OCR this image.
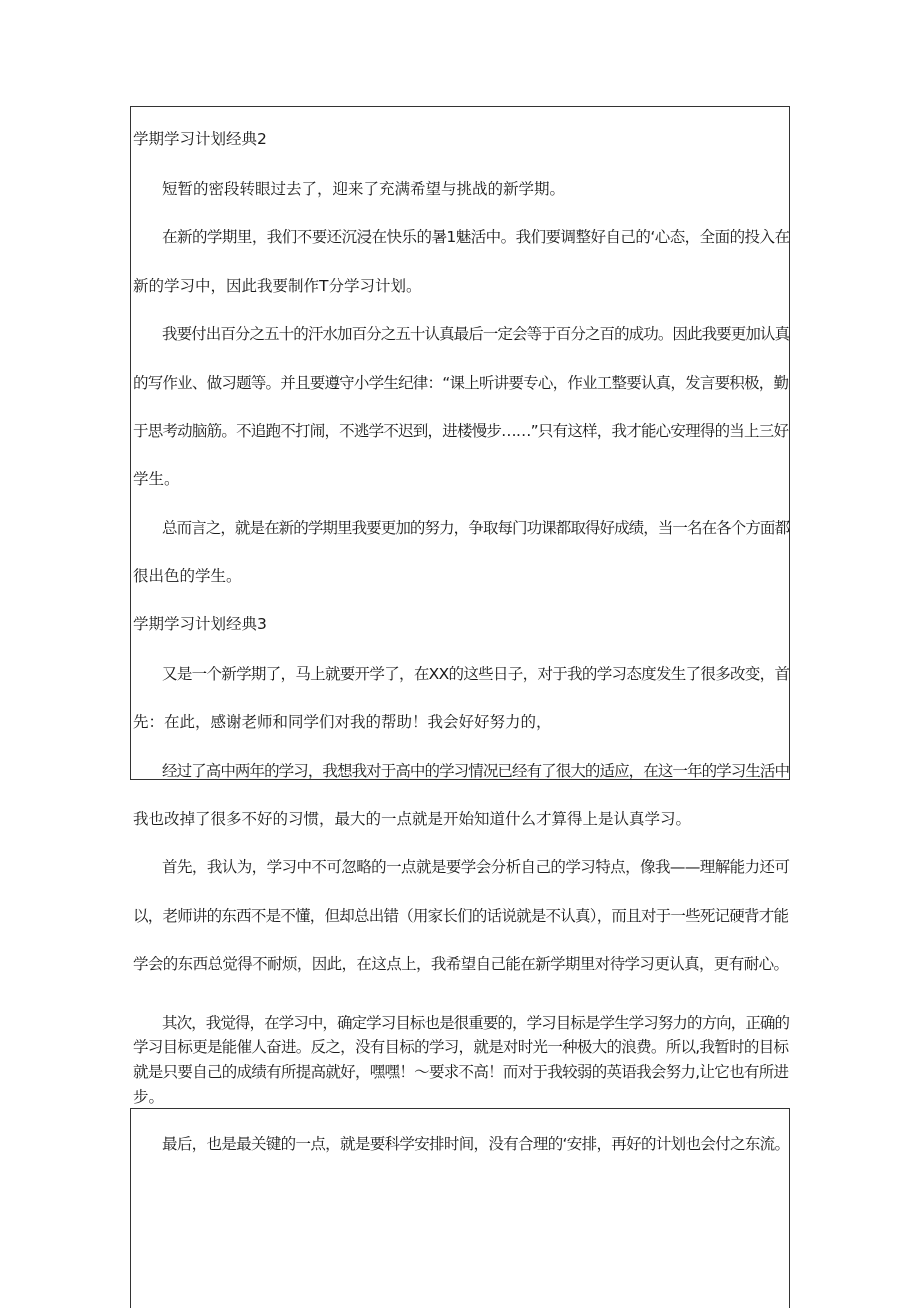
学期学习计划经典2
短暂的密段转眼过去了，迎来了充满希望与挑战的新学期。
在新的学期里，我们不要还沉浸在快乐的暑1魅活中。我们要调整好自己的‘心态，全面的投入在
新的学习中，因此我要制作T分学习计划。
我要付出百分之五十的汗水加百分之五十认真最后一定会等于百分之百的成功。因此我要更加认真
的写作业、做习题等。并且要遵守小学生纪律：“课上听讲要专心，作业工整要认真，发言要积极，勤
于思考动脑筋。不追跑不打闹，不逃学不迟到，进楼慢步……”只有这样，我才能心安理得的当上三好
学生。
总而言之，就是在新的学期里我要更加的努力，争取每门功课都取得好成绩，当一名在各个方面都
很出色的学生。
学期学习计划经典3
又是一个新学期了，马上就要开学了，在XX的这些日子，对于我的学习态度发生了很多改变，首
先：在此，感谢老师和同学们对我的帮助！我会好好努力的，
经过了高中两年的学习，我想我对于高中的学习情况已经有了很大的适应，在这一年的学习生活中
我也改掉了很多不好的习惯，最大的一点就是开始知道什么才算得上是认真学习。
首先，我认为，学习中不可忽略的一点就是要学会分析自己的学习特点，像我——理解能力还可
以，老师讲的东西不是不懂，但却总出错（用家长们的话说就是不认真），而且对于一些死记硬背才能
学会的东西总觉得不耐烦，因此，在这点上，我希望自己能在新学期里对待学习更认真，更有耐心。
其次，我觉得，在学习中，确定学习目标也是很重要的，学习目标是学生学习努力的方向，正确的
学习目标更是能催人奋进。反之，没有目标的学习，就是对时光一种极大的浪费。所以,我暂时的目标
就是只要自己的成绩有所提高就好，嘿嘿！〜要求不高！而对于我较弱的英语我会努力,让它也有所进
步。
最后，也是最关键的一点，就是要科学安排时间，没有合理的‘安排，再好的计划也会付之东流。
